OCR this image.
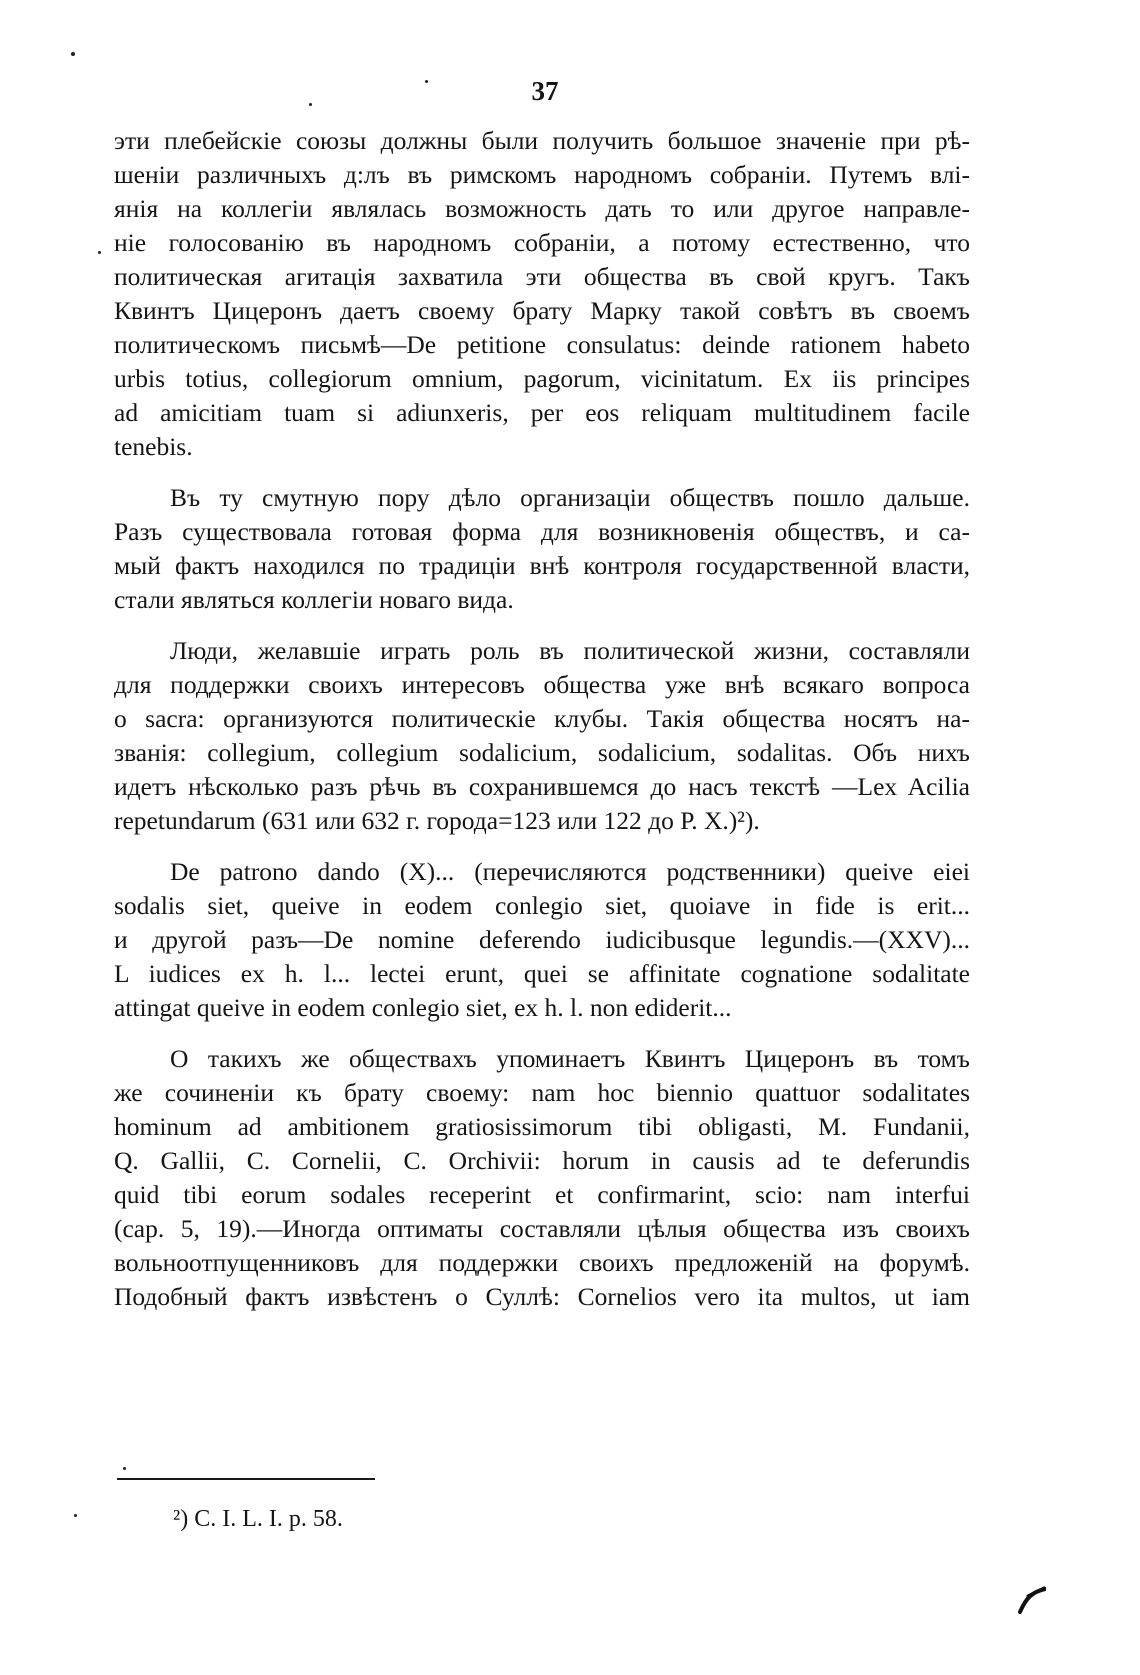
37

эти плебейскіе союзы должны были получить большое значеніе при рѣ-
шеніи различныхъ д:лъ въ римскомъ народномъ собраніи. Путемъ влі-
янія на коллегіи являлась возможность дать то или другое направле-
ніе голосованію въ народномъ собраніи, а потому естественно, что
политическая агитація захватила эти общества въ свой кругъ. Такъ
Квинтъ Цицеронъ даетъ своему брату Марку такой совѣтъ въ своемъ
политическомъ письмѣ—De petitione consulatus: deinde rationem habeto
urbis totius, collegiorum omnium, pagorum, vicinitatum. Ex iis principes
ad amicitiam tuam si adiunxeris, per eos reliquam multitudinem facile
tenebis.

Въ ту смутную пору дѣло организаціи обществъ пошло дальше.
Разъ существовала готовая форма для возникновенія обществъ, и са-
мый фактъ находился по традиціи внѣ контроля государственной власти,
стали являться коллегіи новаго вида.

Люди, желавшіе играть роль въ политической жизни, составляли
для поддержки своихъ интересовъ общества уже внѣ всякаго вопроса
о sacra: организуются политическіе клубы. Такія общества носятъ на-
званія: collegium, collegium sodalicium, sodalicium, sodalitas. Объ нихъ
идетъ нѣсколько разъ рѣчь въ сохранившемся до насъ текстѣ —Lex Acilia
repetundarum (631 или 632 г. города=123 или 122 до Р. Х.)²).

De patrono dando (X)... (перечисляются родственники) queive eiei
sodalis siet, queive in eodem conlegio siet, quoiave in fide is erit...
и другой разъ—De nomine deferendo iudicibusque legundis.—(XXV)...
L iudices ex h. l... lectei erunt, quei se affinitate cognatione sodalitate
attingat queive in eodem conlegio siet, ex h. l. non ediderit...

О такихъ же обществахъ упоминаетъ Квинтъ Цицеронъ въ томъ
же сочиненіи къ брату своему: nam hoc biennio quattuor sodalitates
hominum ad ambitionem gratiosissimorum tibi obligasti, M. Fundanii,
Q. Gallii, C. Cornelii, C. Orchivii: horum in causis ad te deferundis
quid tibi eorum sodales receperint et confirmarint, scio: nam interfui
(cap. 5, 19).—Иногда оптиматы составляли цѣлыя общества изъ своихъ
вольноотпущенниковъ для поддержки своихъ предложеній на форумѣ.
Подобный фактъ извѣстенъ о Суллѣ: Cornelios vero ita multos, ut iam

²) C. I. L. I. p. 58.
